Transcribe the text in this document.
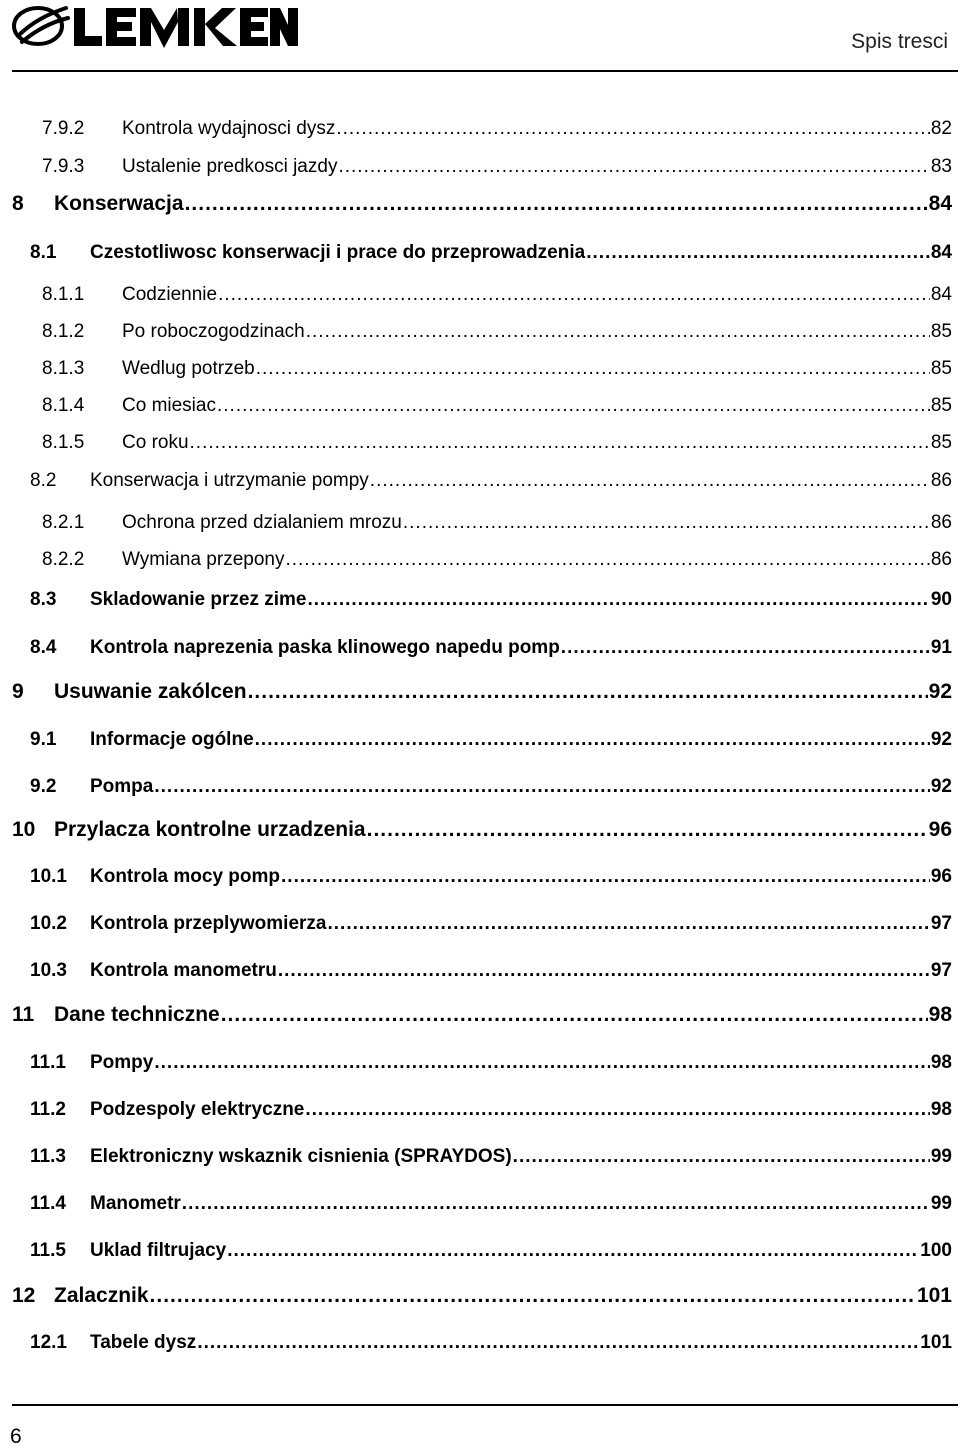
Spis tresci
7.9.2 Kontrola wydajnosci dysz .....	82
7.9.3 Ustalenie predkosci jazdy .....	83
8 Konserwacja .....	84
8.1 Czestotliwosc konserwacji i prace do przeprowadzenia .....	84
8.1.1 Codziennie .....	84
8.1.2 Po roboczogodzinach .....	85
8.1.3 Wedlug potrzeb .....	85
8.1.4 Co miesiac .....	85
8.1.5 Co roku .....	85
8.2 Konserwacja i utrzymanie pompy .....	86
8.2.1 Ochrona przed dzialaniem mrozu .....	86
8.2.2 Wymiana przepony .....	86
8.3 Skladowanie przez zime .....	90
8.4 Kontrola naprezenia paska klinowego napedu pomp .....	91
9 Usuwanie zakólcen .....	92
9.1 Informacje ogólne .....	92
9.2 Pompa .....	92
10 Przylacza kontrolne urzadzenia .....	96
10.1 Kontrola mocy pomp .....	96
10.2 Kontrola przeplywomierza .....	97
10.3 Kontrola manometru .....	97
11 Dane techniczne .....	98
11.1 Pompy .....	98
11.2 Podzespoly elektryczne .....	98
11.3 Elektroniczny wskaznik cisnienia (SPRAYDOS) .....	99
11.4 Manometr .....	99
11.5 Uklad filtrujacy .....	100
12 Zalacznik .....	101
12.1 Tabele dysz .....	101
6
